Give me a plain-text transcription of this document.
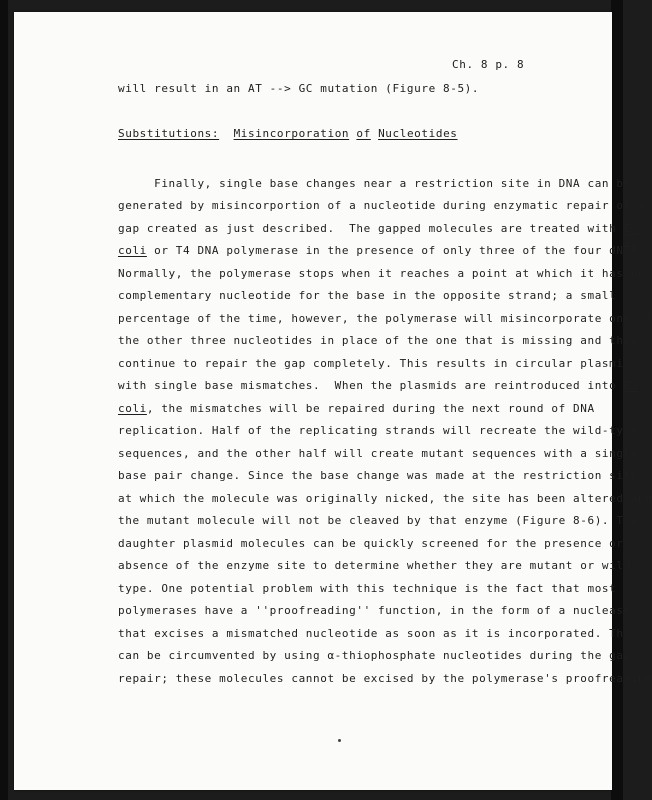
Ch. 8 p. 8
will result in an AT --> GC mutation (Figure 8-5).
Substitutions: Misincorporation of Nucleotides
Finally, single base changes near a restriction site in DNA can be
generated by misincorportion of a nucleotide during enzymatic repair of a
gap created as just described.  The gapped molecules are treated with E.
coli or T4 DNA polymerase in the presence of only three of the four dNTPs.
Normally, the polymerase stops when it reaches a point at which it has no
complementary nucleotide for the base in the opposite strand; a small
percentage of the time, however, the polymerase will misincorporate one of
the other three nucleotides in place of the one that is missing and then
continue to repair the gap completely. This results in circular plasmids
with single base mismatches.  When the plasmids are reintroduced into E.
coli, the mismatches will be repaired during the next round of DNA
replication. Half of the replicating strands will recreate the wild-type
sequences, and the other half will create mutant sequences with a single
base pair change. Since the base change was made at the restriction site
at which the molecule was originally nicked, the site has been altered and
the mutant molecule will not be cleaved by that enzyme (Figure 8-6). The
daughter plasmid molecules can be quickly screened for the presence or
absence of the enzyme site to determine whether they are mutant or wild-
type. One potential problem with this technique is the fact that most
polymerases have a ''proofreading'' function, in the form of a nuclease
that excises a mismatched nucleotide as soon as it is incorporated. This
can be circumvented by using α-thiophosphate nucleotides during the gap
repair; these molecules cannot be excised by the polymerase's proofreading
